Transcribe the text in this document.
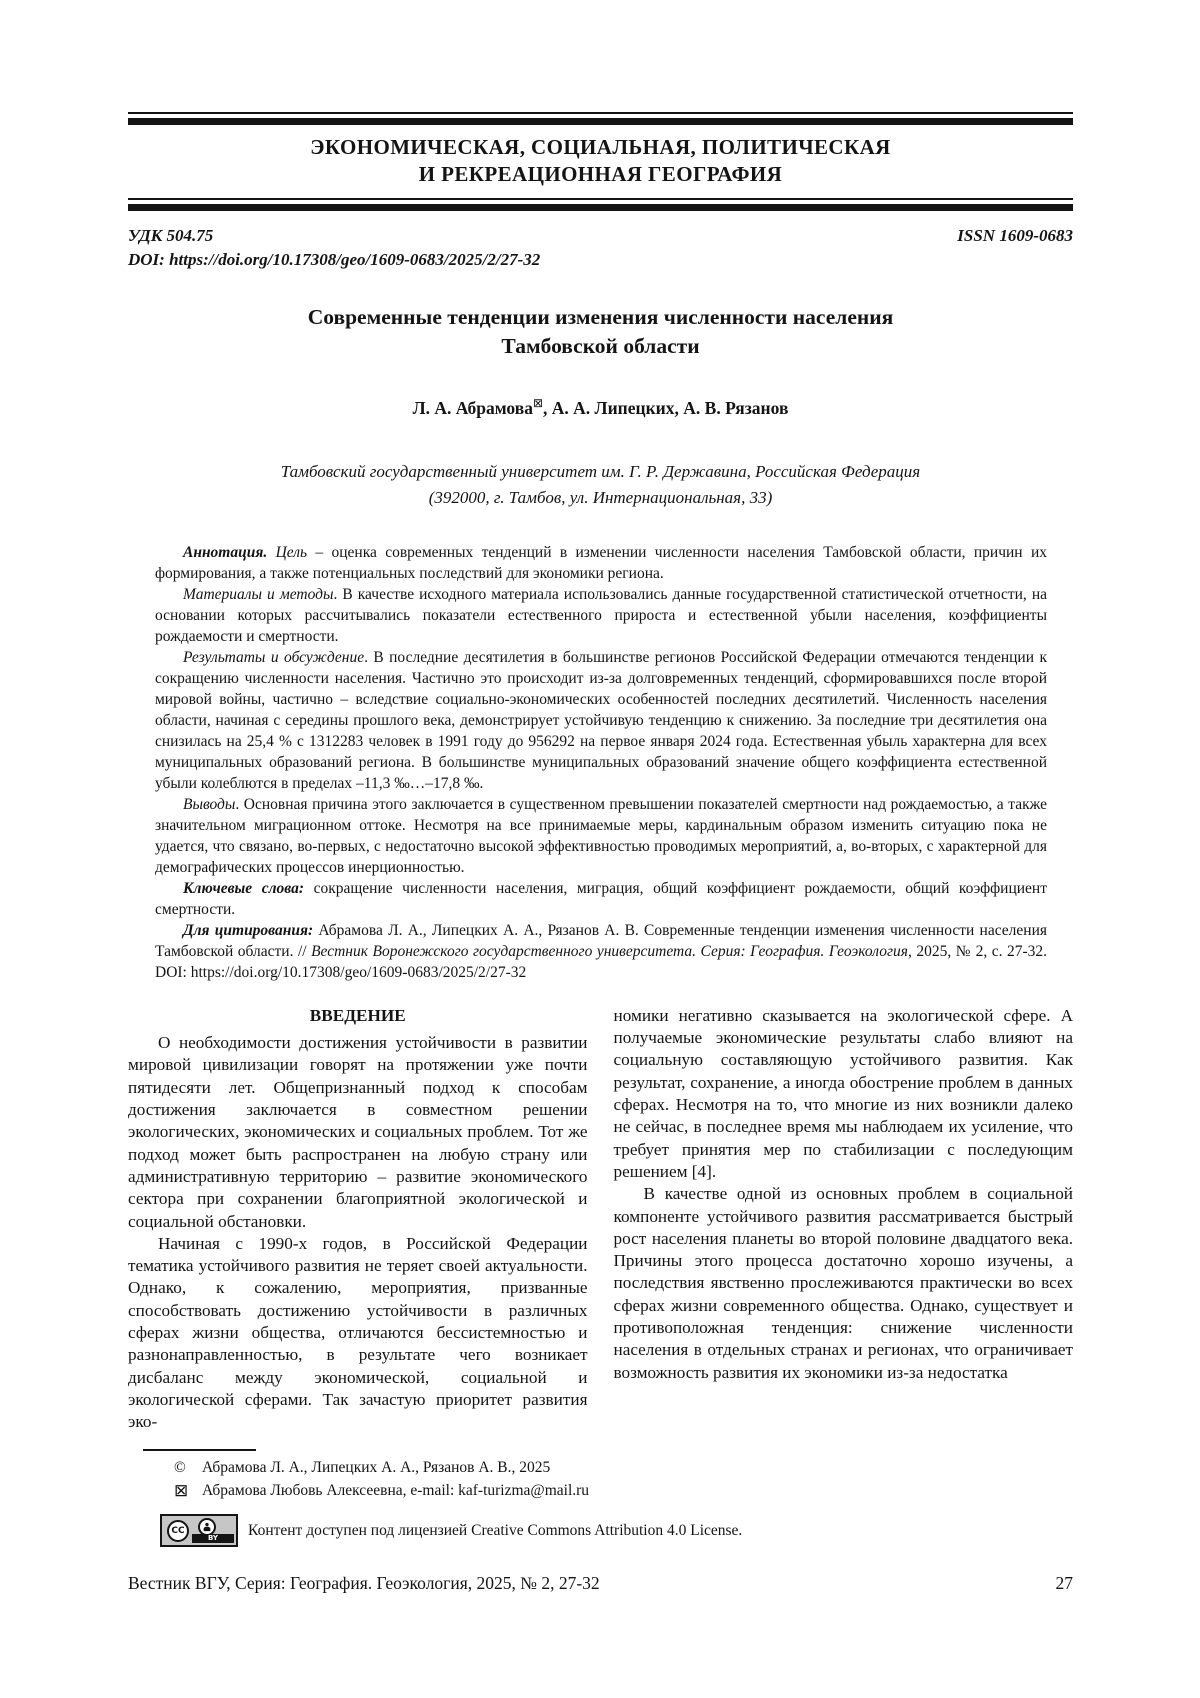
ЭКОНОМИЧЕСКАЯ, СОЦИАЛЬНАЯ, ПОЛИТИЧЕСКАЯ
И РЕКРЕАЦИОННАЯ ГЕОГРАФИЯ
УДК 504.75	ISSN 1609-0683
DOI: https://doi.org/10.17308/geo/1609-0683/2025/2/27-32
Современные тенденции изменения численности населения
Тамбовской области
Л. А. Абрамова⊠, А. А. Липецких, А. В. Рязанов
Тамбовский государственный университет им. Г. Р. Державина, Российская Федерация
(392000, г. Тамбов, ул. Интернациональная, 33)

Аннотация. Цель – оценка современных тенденций в изменении численности населения Тамбовской области, причин их формирования, а также потенциальных последствий для экономики региона.

Материалы и методы. В качестве исходного материала использовались данные государственной статистической отчетности, на основании которых рассчитывались показатели естественного прироста и естественной убыли населения, коэффициенты рождаемости и смертности.

Результаты и обсуждение. В последние десятилетия в большинстве регионов Российской Федерации отмечаются тенденции к сокращению численности населения. Частично это происходит из-за долговременных тенденций, сформировавшихся после второй мировой войны, частично – вследствие социально-экономических особенностей последних десятилетий. Численность населения области, начиная с середины прошлого века, демонстрирует устойчивую тенденцию к снижению. За последние три десятилетия она снизилась на 25,4 % с 1312283 человек в 1991 году до 956292 на первое января 2024 года. Естественная убыль характерна для всех муниципальных образований региона. В большинстве муниципальных образований значение общего коэффициента естественной убыли колеблются в пределах –11,3 ‰…–17,8 ‰.

Выводы. Основная причина этого заключается в существенном превышении показателей смертности над рождаемостью, а также значительном миграционном оттоке. Несмотря на все принимаемые меры, кардинальным образом изменить ситуацию пока не удается, что связано, во-первых, с недостаточно высокой эффективностью проводимых мероприятий, а, во-вторых, с характерной для демографических процессов инерционностью.

Ключевые слова: сокращение численности населения, миграция, общий коэффициент рождаемости, общий коэффициент смертности.

Для цитирования: Абрамова Л. А., Липецких А. А., Рязанов А. В. Современные тенденции изменения численности населения Тамбовской области. // Вестник Воронежского государственного университета. Серия: География. Геоэкология, 2025, № 2, с. 27-32. DOI: https://doi.org/10.17308/geo/1609-0683/2025/2/27-32

ВВЕДЕНИЕ

О необходимости достижения устойчивости в развитии мировой цивилизации говорят на протяжении уже почти пятидесяти лет. Общепризнанный подход к способам достижения заключается в совместном решении экологических, экономических и социальных проблем. Тот же подход может быть распространен на любую страну или административную территорию – развитие экономического сектора при сохранении благоприятной экологической и социальной обстановки.

Начиная с 1990-х годов, в Российской Федерации тематика устойчивого развития не теряет своей актуальности. Однако, к сожалению, мероприятия, призванные способствовать достижению устойчивости в различных сферах жизни общества, отличаются бессистемностью и разнонаправленностью, в результате чего возникает дисбаланс между экономической, социальной и экологической сферами. Так зачастую приоритет развития эко-

номики негативно сказывается на экологической сфере. А получаемые экономические результаты слабо влияют на социальную составляющую устойчивого развития. Как результат, сохранение, а иногда обострение проблем в данных сферах. Несмотря на то, что многие из них возникли далеко не сейчас, в последнее время мы наблюдаем их усиление, что требует принятия мер по стабилизации с последующим решением [4].

В качестве одной из основных проблем в социальной компоненте устойчивого развития рассматривается быстрый рост населения планеты во второй половине двадцатого века. Причины этого процесса достаточно хорошо изучены, а последствия явственно прослеживаются практически во всех сферах жизни современного общества. Однако, существует и противоположная тенденция: снижение численности населения в отдельных странах и регионах, что ограничивает возможность развития их экономики из-за недостатка

©	Абрамова Л. А., Липецких А. А., Рязанов А. В., 2025
⊠ Абрамова Любовь Алексеевна, e-mail: kaf-turizma@mail.ru
CC
BY	Контент доступен под лицензией Creative Commons Attribution 4.0 License.
Вестник ВГУ, Серия: География. Геоэкология, 2025, № 2, 27-32	27
